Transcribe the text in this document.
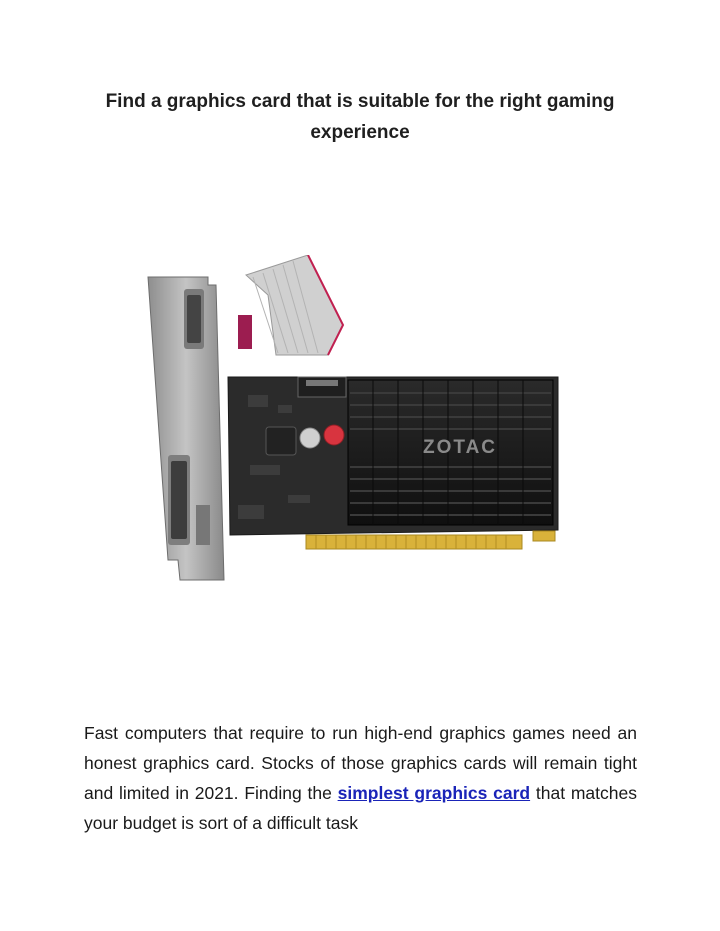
Find a graphics card that is suitable for the right gaming experience
ZOTAC

Fast computers that require to run high-end graphics games need an honest graphics card. Stocks of those graphics cards will remain tight and limited in 2021. Finding the simplest graphics card that matches your budget is sort of a difficult task
